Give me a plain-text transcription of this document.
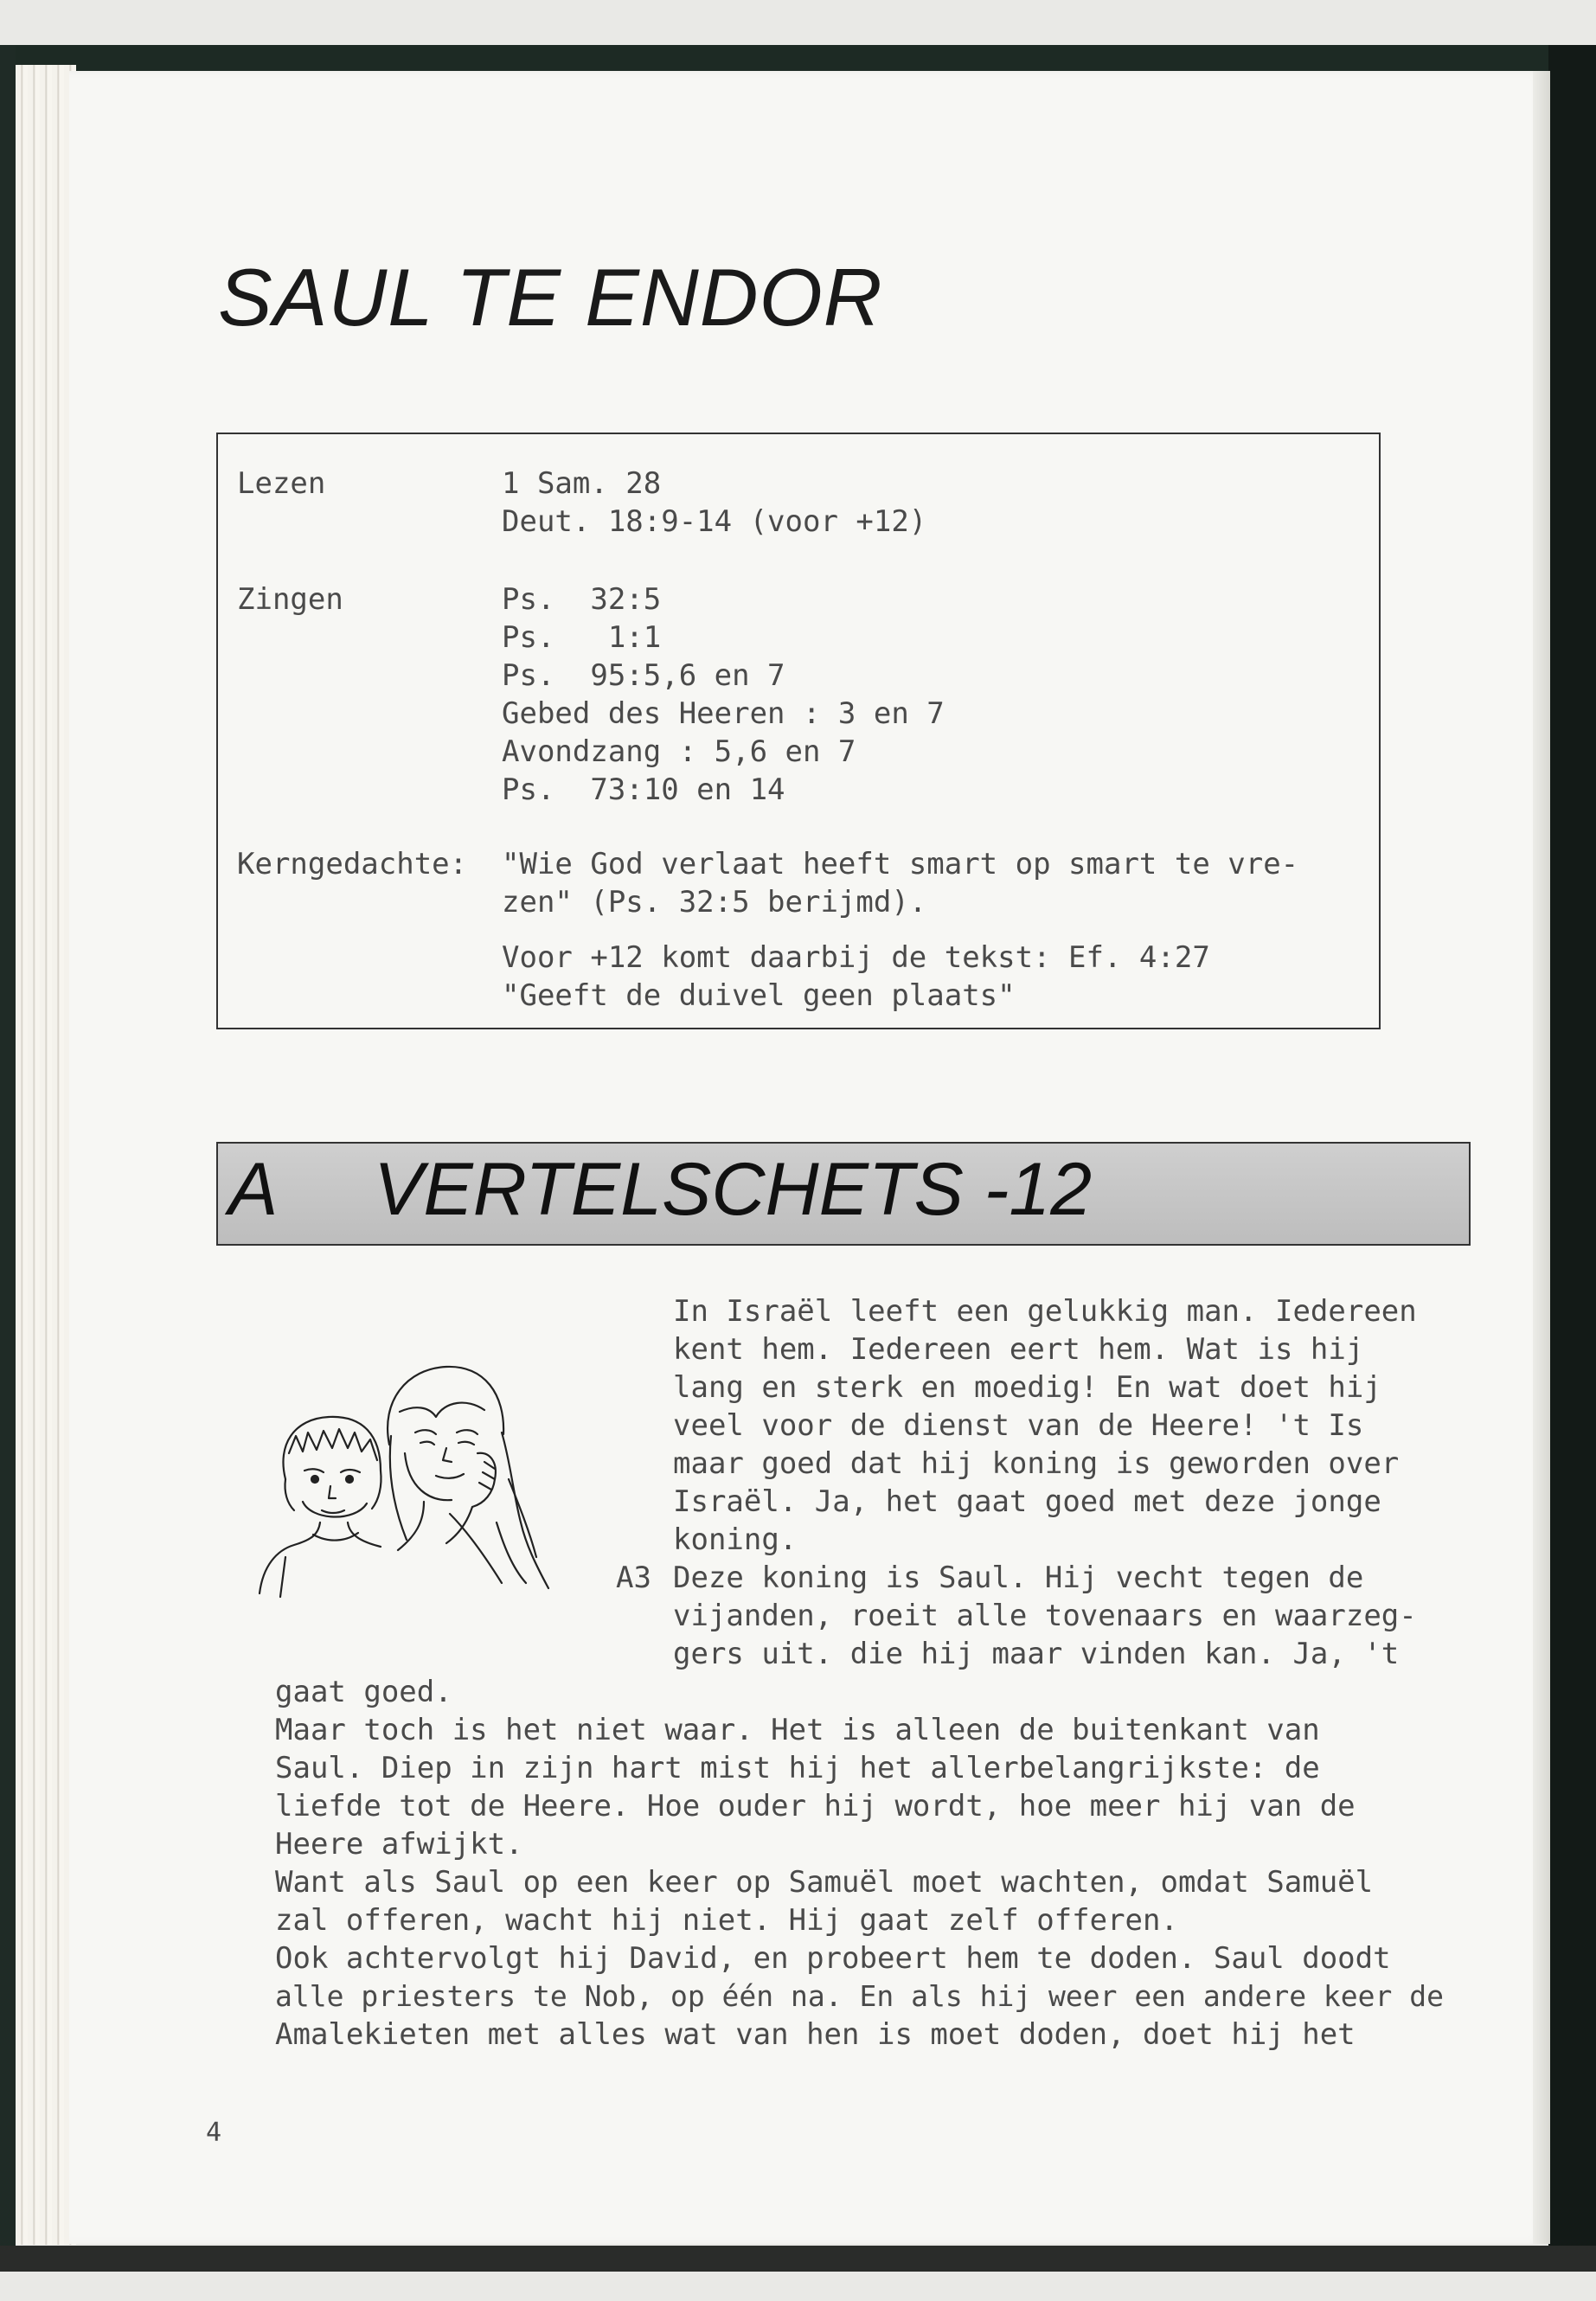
SAUL TE ENDOR
Lezen	1 Sam. 28
Deut. 18:9-14 (voor +12)
Zingen	Ps.  32:5
Ps.   1:1
Ps.  95:5,6 en 7
Gebed des Heeren : 3 en 7
Avondzang : 5,6 en 7
Ps.  73:10 en 14
Kerngedachte: "Wie God verlaat heeft smart op smart te vre-
zen" (Ps. 32:5 berijmd).
Voor +12 komt daarbij de tekst: Ef. 4:27
"Geeft de duivel geen plaats"
A VERTELSCHETS -12
A3
In Israël leeft een gelukkig man. Iedereen
kent hem. Iedereen eert hem. Wat is hij
lang en sterk en moedig! En wat doet hij
veel voor de dienst van de Heere! 't Is
maar goed dat hij koning is geworden over
Israël. Ja, het gaat goed met deze jonge
koning.
Deze koning is Saul. Hij vecht tegen de
vijanden, roeit alle tovenaars en waarzeg-
gers uit. die hij maar vinden kan. Ja, 't
gaat goed.
Maar toch is het niet waar. Het is alleen de buitenkant van
Saul. Diep in zijn hart mist hij het allerbelangrijkste: de
liefde tot de Heere. Hoe ouder hij wordt, hoe meer hij van de
Heere afwijkt.
Want als Saul op een keer op Samuël moet wachten, omdat Samuël
zal offeren, wacht hij niet. Hij gaat zelf offeren.
Ook achtervolgt hij David, en probeert hem te doden. Saul doodt
alle priesters te Nob, op één na. En als hij weer een andere keer de
Amalekieten met alles wat van hen is moet doden, doet hij het
4
